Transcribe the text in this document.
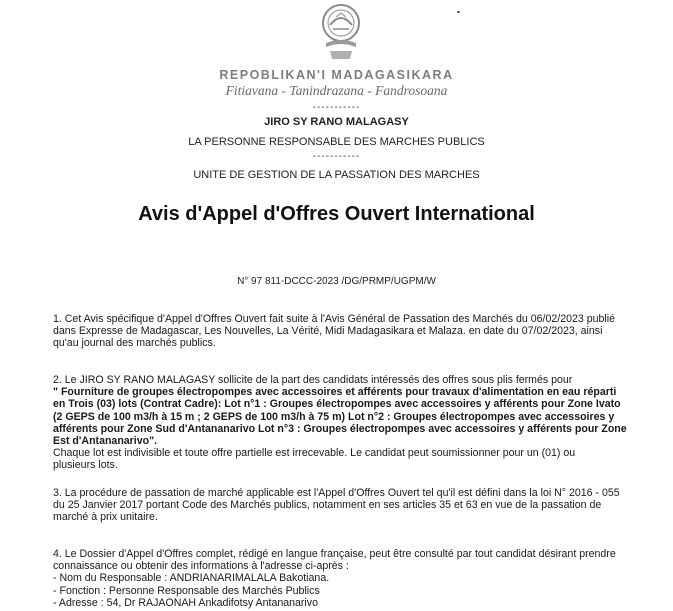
REPOBLIKAN'I MADAGASIKARA
Fitiavana - Tanindrazana - Fandrosoana
-----------
JIRO SY RANO MALAGASY
LA PERSONNE RESPONSABLE DES MARCHES PUBLICS
-----------
UNITE DE GESTION DE LA PASSATION DES MARCHES
Avis d'Appel d'Offres Ouvert International
N° 97 811-DCCC-2023 /DG/PRMP/UGPM/W
1. Cet Avis spécifique d'Appel d'Offres Ouvert fait suite à l'Avis Général de Passation des Marchés du 06/02/2023 publié
dans Expresse de Madagascar, Les Nouvelles, La Vérité, Midi Madagasikara et Malaza. en date du 07/02/2023, ainsi
qu'au journal des marchés publics.
2. Le JIRO SY RANO MALAGASY sollicite de la part des candidats intéressés des offres sous plis fermés pour
" Fourniture de groupes électropompes avec accessoires et afférents pour travaux d'alimentation en eau réparti
en Trois (03) lots (Contrat Cadre): Lot n°1 : Groupes électropompes avec accessoires y afférents pour Zone Ivato
(2 GEPS de 100 m3/h à 15 m ; 2 GEPS de 100 m3/h à 75 m) Lot n°2 : Groupes électropompes avec accessoires y
afférents pour Zone Sud d'Antananarivo Lot n°3 : Groupes électropompes avec accessoires y afférents pour Zone
Est d'Antananarivo".
Chaque lot est indivisible et toute offre partielle est irrecevable. Le candidat peut soumissionner pour un (01) ou
plusieurs lots.
3. La procédure de passation de marché applicable est l'Appel d'Offres Ouvert tel qu'il est défini dans la loi N° 2016 - 055
du 25 Janvier 2017 portant Code des Marchés publics, notamment en ses articles 35 et 63 en vue de la passation de
marché à prix unitaire.
4. Le Dossier d'Appel d'Offres complet, rédigé en langue française, peut être consulté par tout candidat désirant prendre
connaissance ou obtenir des informations à l'adresse ci-après :
- Nom du Responsable : ANDRIANARIMALALA Bakotiana.
- Fonction : Personne Responsable des Marchés Publics
- Adresse : 54, Dr RAJAONAH Ankadifotsy Antananarivo
